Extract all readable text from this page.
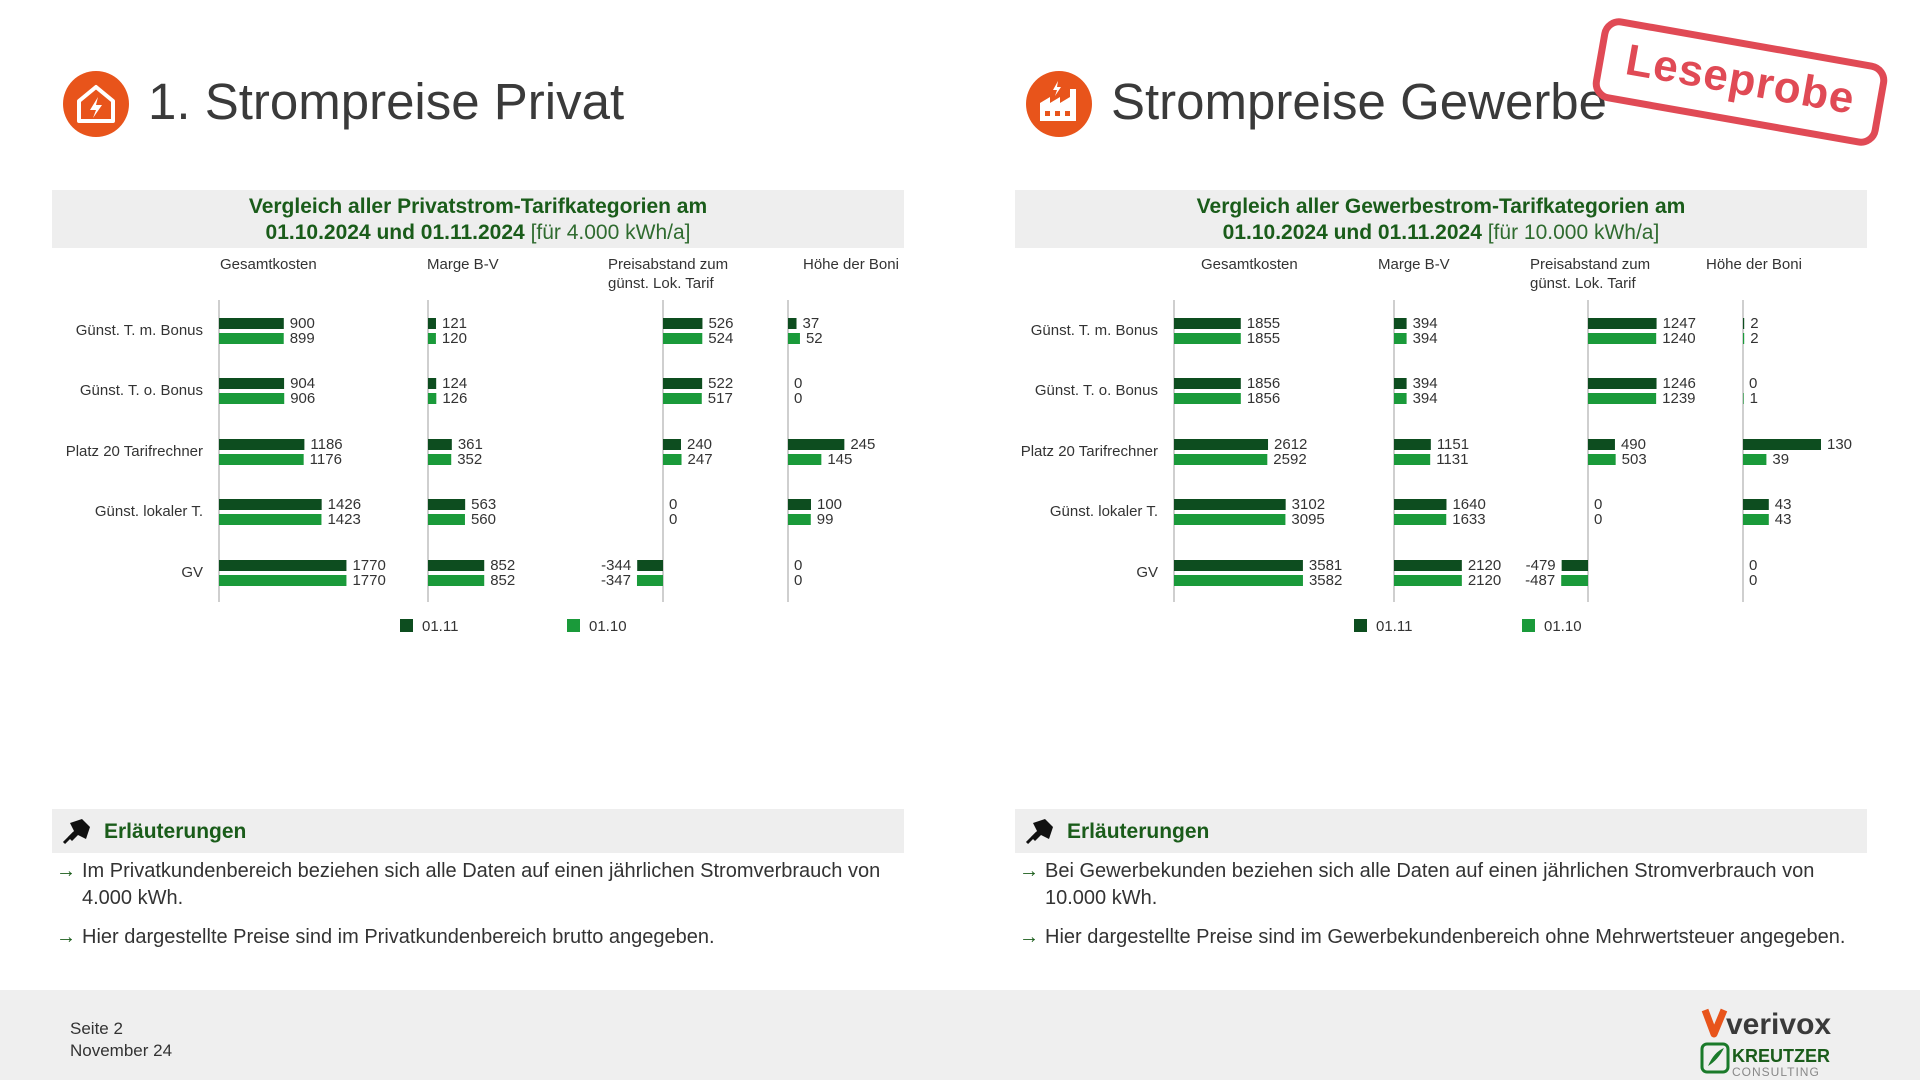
1. Strompreise Privat
Vergleich aller Privatstrom-Tarifkategorien am
01.10.2024 und 01.11.2024 [für 4.000 kWh/a]
Günst. T. m. Bonus
Günst. T. o. Bonus
Platz 20 Tarifrechner
Günst. lokaler T.
GV
Gesamtkosten
900
904
1186
1426
1770
899
906
1176
1423
1770
Marge B-V
121
124
361
563
852
120
126
352
560
852
Preisabstand zum
günst. Lok. Tarif
526
522
240
0
-344
524
517
247
0
-347
Höhe der Boni
37
0
245
100
0
52
0
145
99
0
01.11	01.10
Erläuterungen
→ Im Privatkundenbereich beziehen sich alle Daten auf einen jährlichen Stromverbrauch von 4.000 kWh.
→ Hier dargestellte Preise sind im Privatkundenbereich brutto angegeben.
Strompreise Gewerbe
Vergleich aller Gewerbestrom-Tarifkategorien am
01.10.2024 und 01.11.2024 [für 10.000 kWh/a]
Günst. T. m. Bonus
Günst. T. o. Bonus
Platz 20 Tarifrechner
Günst. lokaler T.
GV
Gesamtkosten
1855
1856
2612
3102
3581
1855
1856
2592
3095
3582
Marge B-V
394
394
1151
1640
2120
394
394
1131
1633
2120
Preisabstand zum
günst. Lok. Tarif
1247
1246
490
0
-479
1240
1239
503
0
-487
Höhe der Boni
2
0
130
43
0
2
1
39
43
0
01.11	01.10
Erläuterungen
→ Bei Gewerbekunden beziehen sich alle Daten auf einen jährlichen Stromverbrauch von 10.000 kWh.
→ Hier dargestellte Preise sind im Gewerbekundenbereich ohne Mehrwertsteuer angegeben.
Leseprobe
Seite 2
November 24
verivox
KREUTZER
CONSULTING
